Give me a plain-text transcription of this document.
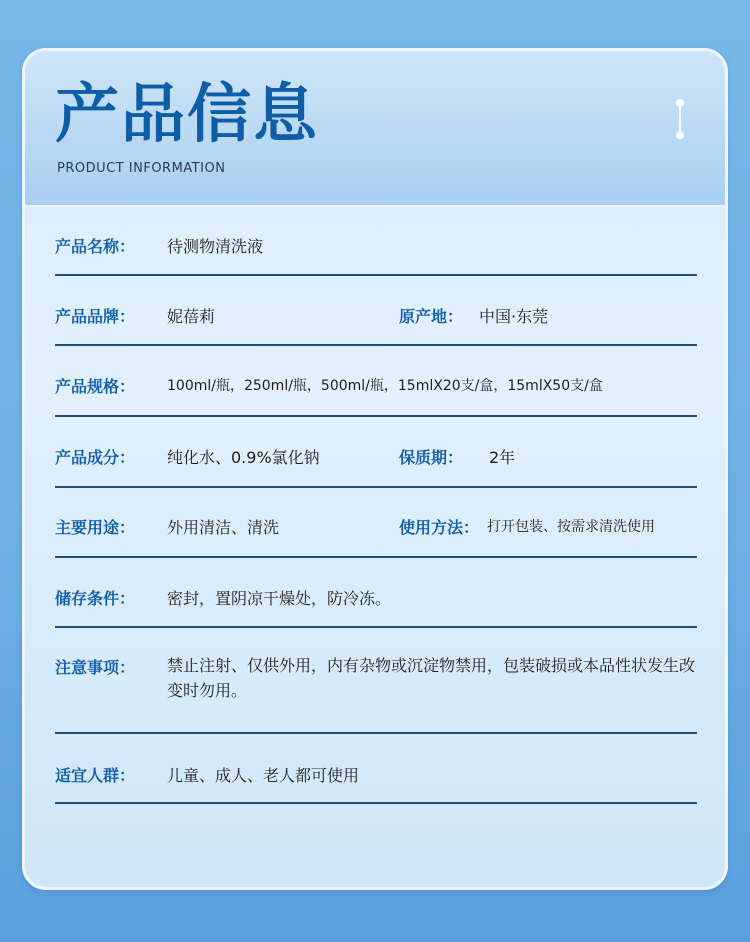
产品信息
PRODUCT INFORMATION
产品名称： 待测物清洗液
产品品牌： 妮蓓莉	原产地： 中国·东莞
产品规格： 100ml/瓶，250ml/瓶，500ml/瓶，15mlX20支/盒，15mlX50支/盒
产品成分： 纯化水、0.9%氯化钠	保质期： 2年
主要用途： 外用清洁、清洗	使用方法： 打开包装、按需求清洗使用
储存条件： 密封，置阴凉干燥处，防冷冻。
注意事项： 禁止注射、仅供外用，内有杂物或沉淀物禁用，包装破损或本品性状发生改变时勿用。
适宜人群： 儿童、成人、老人都可使用
